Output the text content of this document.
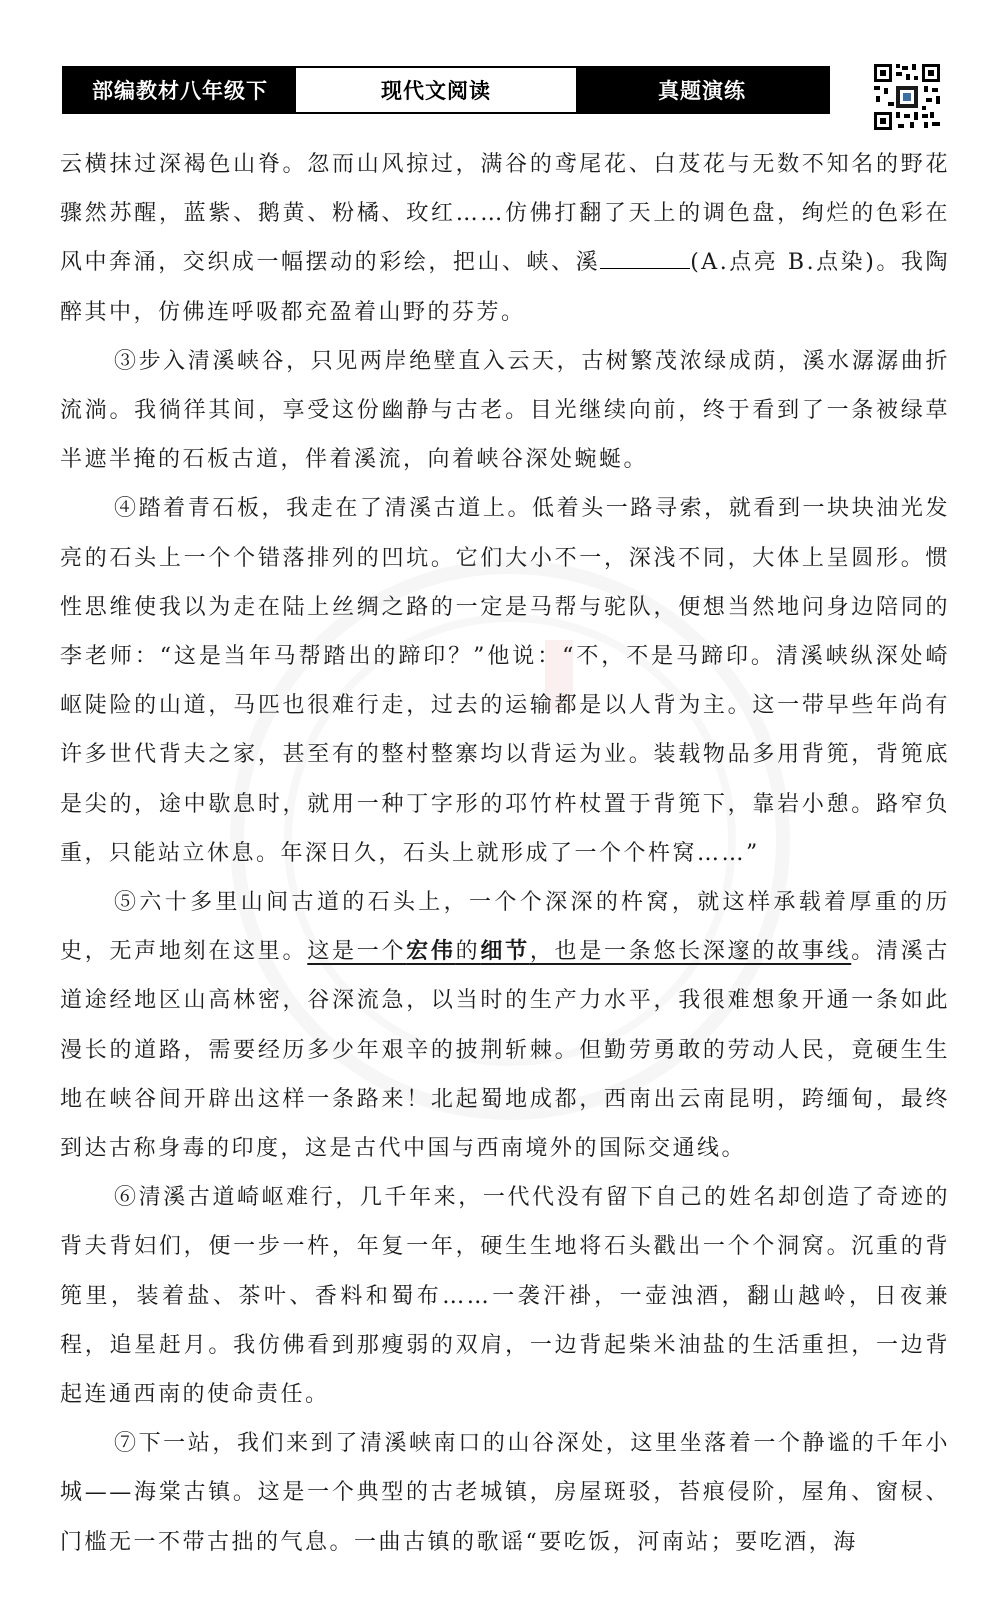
部编教材八年级下	现代文阅读	真题演练

云横抹过深褐色山脊。忽而山风掠过，满谷的鸢尾花、白芨花与无数不知名的野花骤然苏醒，蓝紫、鹅黄、粉橘、玫红……仿佛打翻了天上的调色盘，绚烂的色彩在风中奔涌，交织成一幅摆动的彩绘，把山、峡、溪	(A.点亮 B.点染)。我陶醉其中，仿佛连呼吸都充盈着山野的芬芳。

③步入清溪峡谷，只见两岸绝壁直入云天，古树繁茂浓绿成荫，溪水潺潺曲折流淌。我徜徉其间，享受这份幽静与古老。目光继续向前，终于看到了一条被绿草半遮半掩的石板古道，伴着溪流，向着峡谷深处蜿蜒。

④踏着青石板，我走在了清溪古道上。低着头一路寻索，就看到一块块油光发亮的石头上一个个错落排列的凹坑。它们大小不一，深浅不同，大体上呈圆形。惯性思维使我以为走在陆上丝绸之路的一定是马帮与驼队，便想当然地问身边陪同的李老师：“这是当年马帮踏出的蹄印？”他说：“不，不是马蹄印。清溪峡纵深处崎岖陡险的山道，马匹也很难行走，过去的运输都是以人背为主。这一带早些年尚有许多世代背夫之家，甚至有的整村整寨均以背运为业。装载物品多用背篼，背篼底是尖的，途中歇息时，就用一种丁字形的邛竹杵杖置于背篼下，靠岩小憩。路窄负重，只能站立休息。年深日久，石头上就形成了一个个杵窝……”

⑤六十多里山间古道的石头上，一个个深深的杵窝，就这样承载着厚重的历史，无声地刻在这里。这是一个宏伟的细节，也是一条悠长深邃的故事线。清溪古道途经地区山高林密，谷深流急，以当时的生产力水平，我很难想象开通一条如此漫长的道路，需要经历多少年艰辛的披荆斩棘。但勤劳勇敢的劳动人民，竟硬生生地在峡谷间开辟出这样一条路来！北起蜀地成都，西南出云南昆明，跨缅甸，最终到达古称身毒的印度，这是古代中国与西南境外的国际交通线。

⑥清溪古道崎岖难行，几千年来，一代代没有留下自己的姓名却创造了奇迹的背夫背妇们，便一步一杵，年复一年，硬生生地将石头戳出一个个洞窝。沉重的背篼里，装着盐、茶叶、香料和蜀布……一袭汗褂，一壶浊酒，翻山越岭，日夜兼程，追星赶月。我仿佛看到那瘦弱的双肩，一边背起柴米油盐的生活重担，一边背起连通西南的使命责任。

⑦下一站，我们来到了清溪峡南口的山谷深处，这里坐落着一个静谧的千年小城——海棠古镇。这是一个典型的古老城镇，房屋斑驳，苔痕侵阶，屋角、窗棂、门槛无一不带古拙的气息。一曲古镇的歌谣“要吃饭，河南站；要吃酒，海
